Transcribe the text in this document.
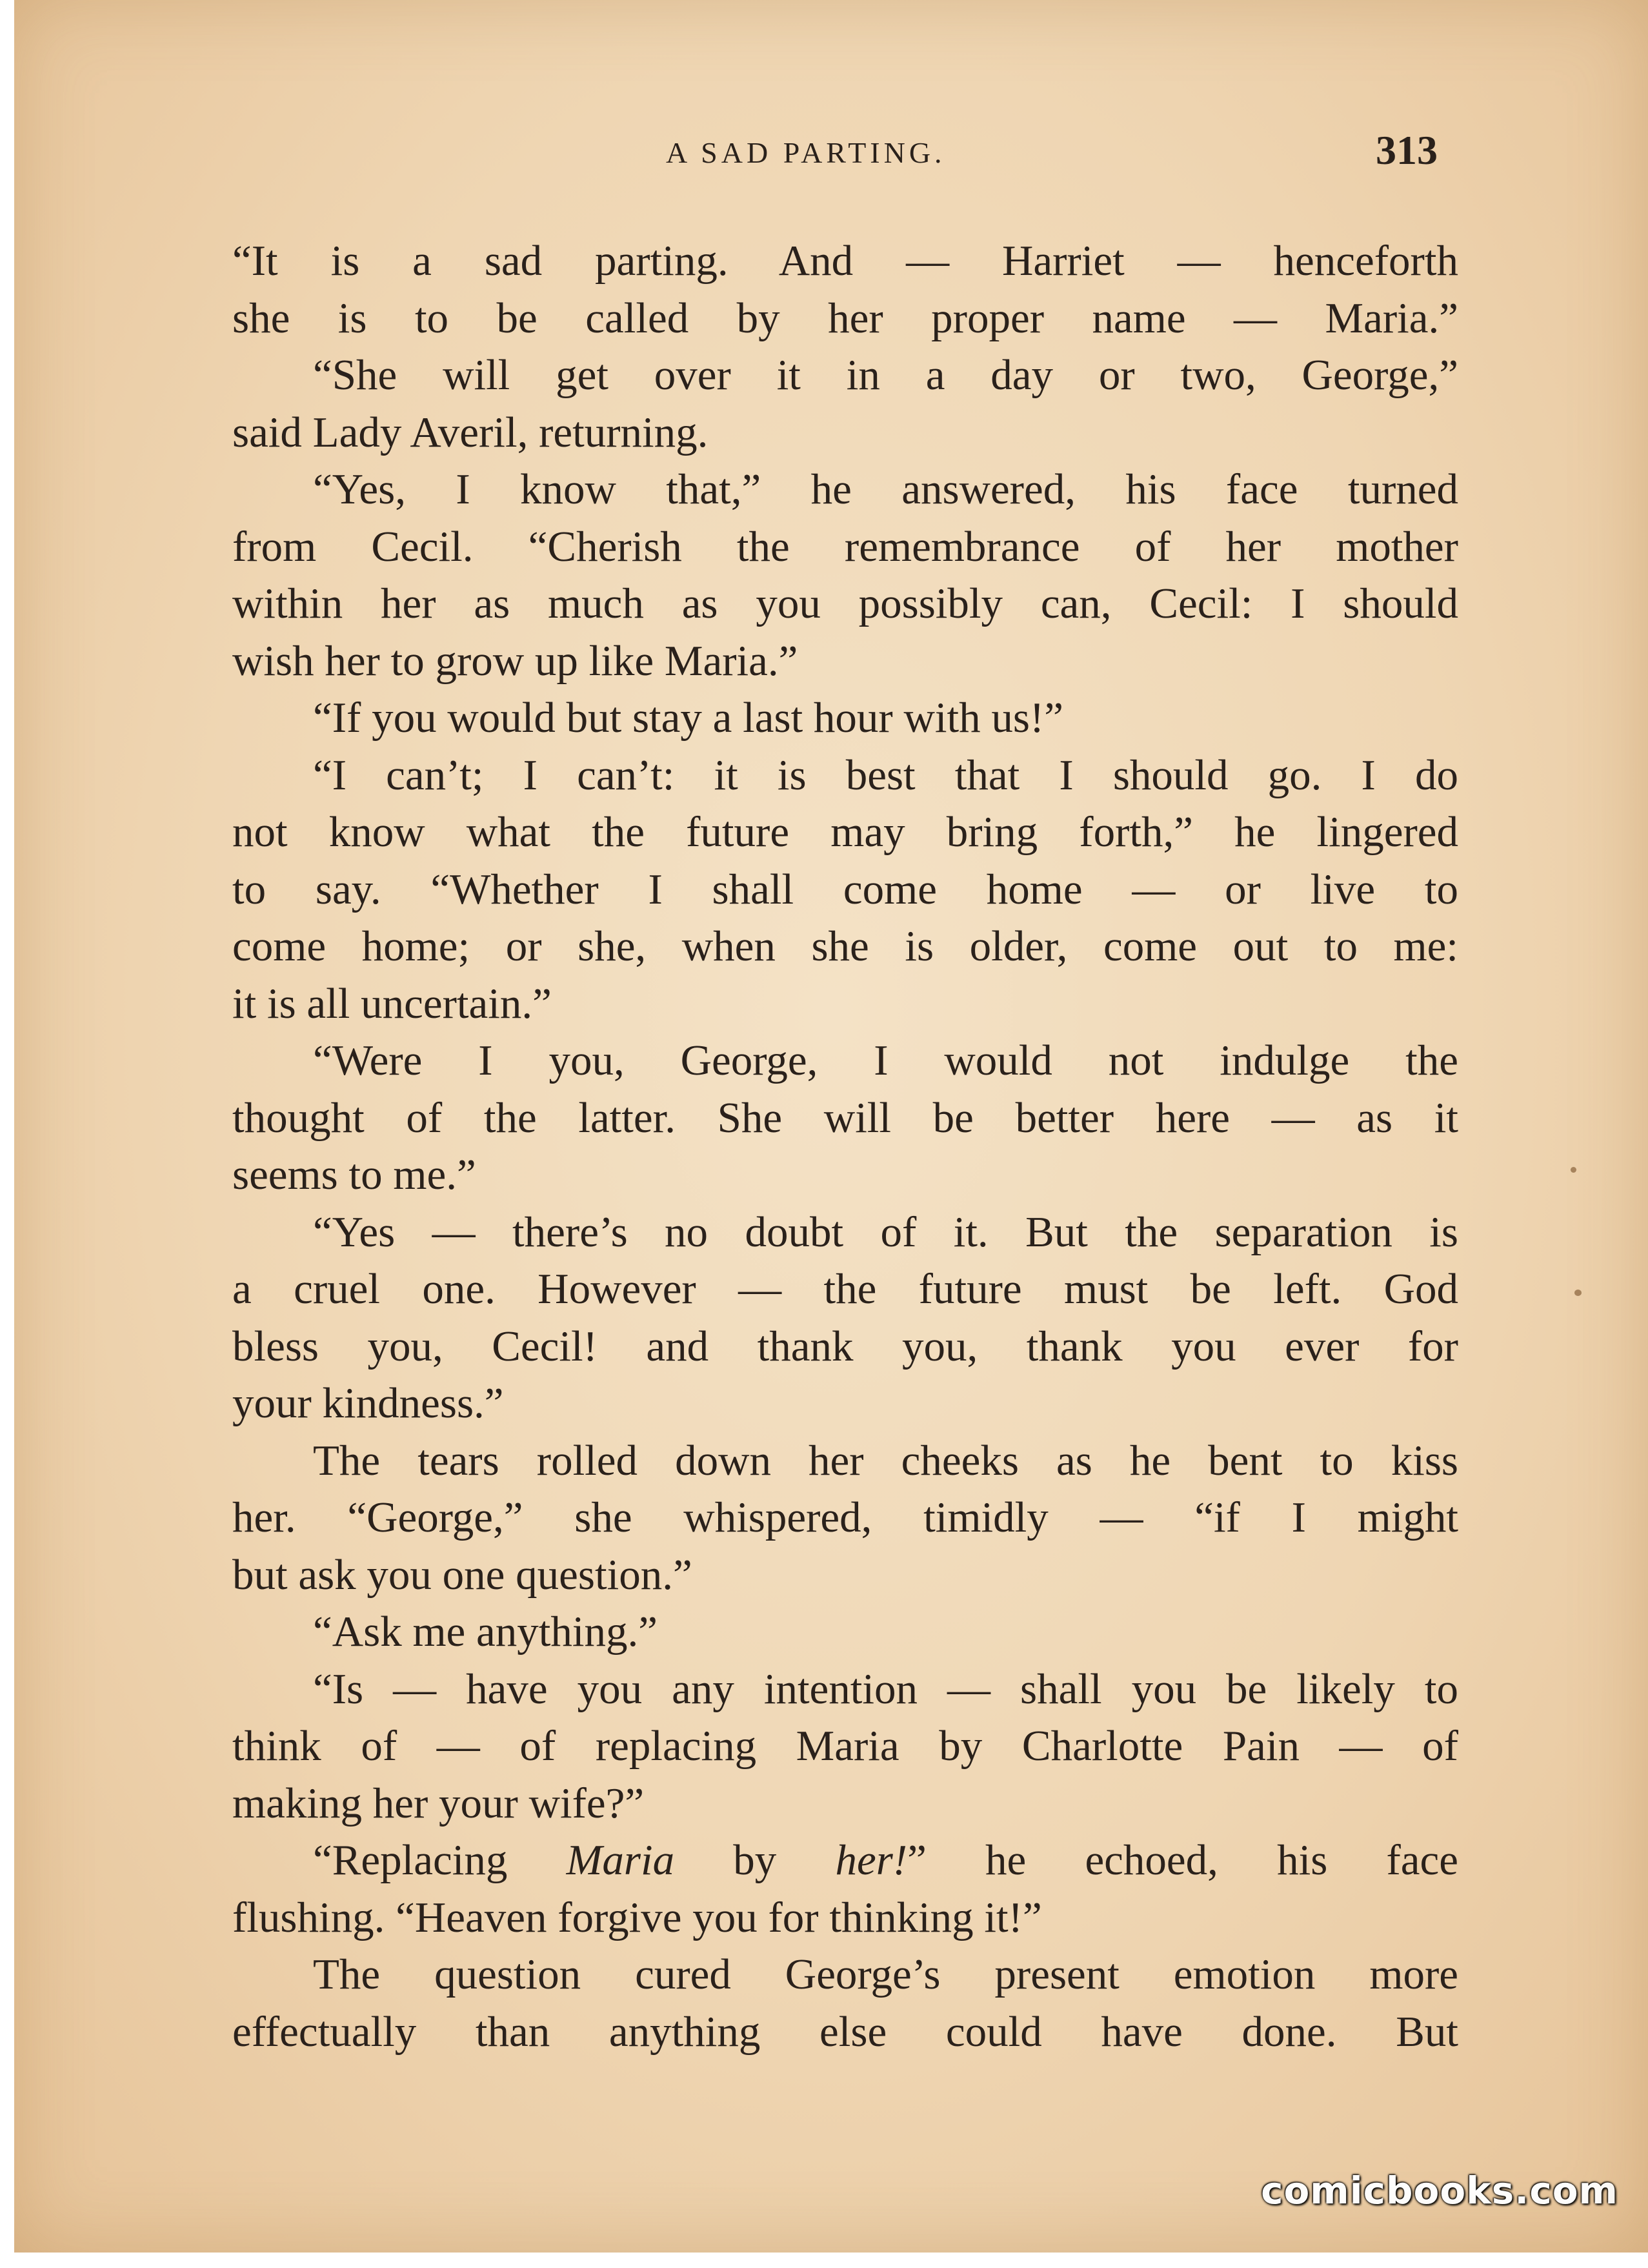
A SAD PARTING.	313
“It is a sad parting. And — Harriet — henceforth
she is to be called by her proper name — Maria.”
“She will get over it in a day or two, George,”
said Lady Averil, returning.
“Yes, I know that,” he answered, his face turned
from Cecil. “Cherish the remembrance of her mother
within her as much as you possibly can, Cecil: I should
wish her to grow up like Maria.”
“If you would but stay a last hour with us!”
“I can’t; I can’t: it is best that I should go. I do
not know what the future may bring forth,” he lingered
to say. “Whether I shall come home — or live to
come home; or she, when she is older, come out to me:
it is all uncertain.”
“Were I you, George, I would not indulge the
thought of the latter. She will be better here — as it
seems to me.”
“Yes — there’s no doubt of it. But the separation is
a cruel one. However — the future must be left. God
bless you, Cecil! and thank you, thank you ever for
your kindness.”
The tears rolled down her cheeks as he bent to kiss
her. “George,” she whispered, timidly — “if I might
but ask you one question.”
“Ask me anything.”
“Is — have you any intention — shall you be likely to
think of — of replacing Maria by Charlotte Pain — of
making her your wife?”
“Replacing Maria by her!” he echoed, his face
flushing. “Heaven forgive you for thinking it!”
The question cured George’s present emotion more
effectually than anything else could have done. But
comicbooks.com
